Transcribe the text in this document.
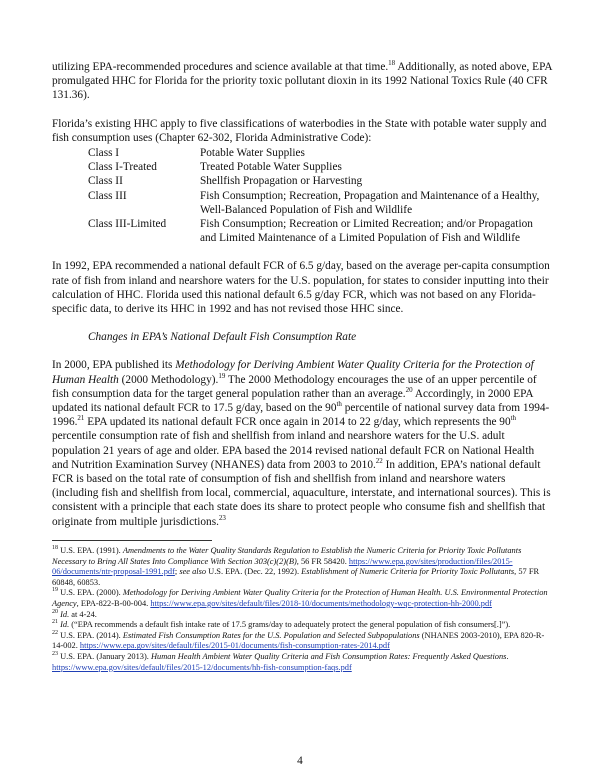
utilizing EPA-recommended procedures and science available at that time.$^{18}$ Additionally, as noted above, EPA promulgated HHC for Florida for the priority toxic pollutant dioxin in its 1992 National Toxics Rule (40 CFR 131.36).

Florida’s existing HHC apply to five classifications of waterbodies in the State with potable water supply and fish consumption uses (Chapter 62-302, Florida Administrative Code):

Class I	Potable Water Supplies
Class I-Treated	Treated Potable Water Supplies
Class II	Shellfish Propagation or Harvesting
Class III	Fish Consumption; Recreation, Propagation and Maintenance of a Healthy, Well-Balanced Population of Fish and Wildlife
Class III-Limited	Fish Consumption; Recreation or Limited Recreation; and/or Propagation and Limited Maintenance of a Limited Population of Fish and Wildlife

In 1992, EPA recommended a national default FCR of 6.5 g/day, based on the average per-capita consumption rate of fish from inland and nearshore waters for the U.S. population, for states to consider inputting into their calculation of HHC. Florida used this national default 6.5 g/day FCR, which was not based on any Florida-specific data, to derive its HHC in 1992 and has not revised those HHC since.

Changes in EPA’s National Default Fish Consumption Rate

In 2000, EPA published its Methodology for Deriving Ambient Water Quality Criteria for the Protection of Human Health (2000 Methodology).$^{19}$ The 2000 Methodology encourages the use of an upper percentile of fish consumption data for the target general population rather than an average.$^{20}$ Accordingly, in 2000 EPA updated its national default FCR to 17.5 g/day, based on the 90th percentile of national survey data from 1994-1996.21 EPA updated its national default FCR once again in 2014 to 22 g/day, which represents the 90th percentile consumption rate of fish and shellfish from inland and nearshore waters for the U.S. adult population 21 years of age and older. EPA based the 2014 revised national default FCR on National Health and Nutrition Examination Survey (NHANES) data from 2003 to 2010.22 In addition, EPA’s national default FCR is based on the total rate of consumption of fish and shellfish from inland and nearshore waters (including fish and shellfish from local, commercial, aquaculture, interstate, and international sources). This is consistent with a principle that each state does its share to protect people who consume fish and shellfish that originate from multiple jurisdictions.$^{23}$

$^{18}$ U.S. EPA. (1991). Amendments to the Water Quality Standards Regulation to Establish the Numeric Criteria for Priority Toxic Pollutants Necessary to Bring All States Into Compliance With Section 303(c)(2)(B), 56 FR 58420. https://www.epa.gov/sites/production/files/2015-06/documents/ntr-proposal-1991.pdf; see also U.S. EPA. (Dec. 22, 1992). Establishment of Numeric Criteria for Priority Toxic Pollutants, 57 FR 60848, 60853.

$^{19}$ U.S. EPA. (2000). Methodology for Deriving Ambient Water Quality Criteria for the Protection of Human Health. U.S. Environmental Protection Agency, EPA-822-B-00-004. https://www.epa.gov/sites/default/files/2018-10/documents/methodology-wqc-protection-hh-2000.pdf

$^{20}$ Id. at 4-24.

$^{21}$ Id. (“EPA recommends a default fish intake rate of 17.5 grams/day to adequately protect the general population of fish consumers[.]”).

$^{22}$ U.S. EPA. (2014). Estimated Fish Consumption Rates for the U.S. Population and Selected Subpopulations (NHANES 2003-2010), EPA 820-R-14-002. https://www.epa.gov/sites/default/files/2015-01/documents/fish-consumption-rates-2014.pdf

$^{23}$ U.S. EPA. (January 2013). Human Health Ambient Water Quality Criteria and Fish Consumption Rates: Frequently Asked Questions. https://www.epa.gov/sites/default/files/2015-12/documents/hh-fish-consumption-faqs.pdf

4
